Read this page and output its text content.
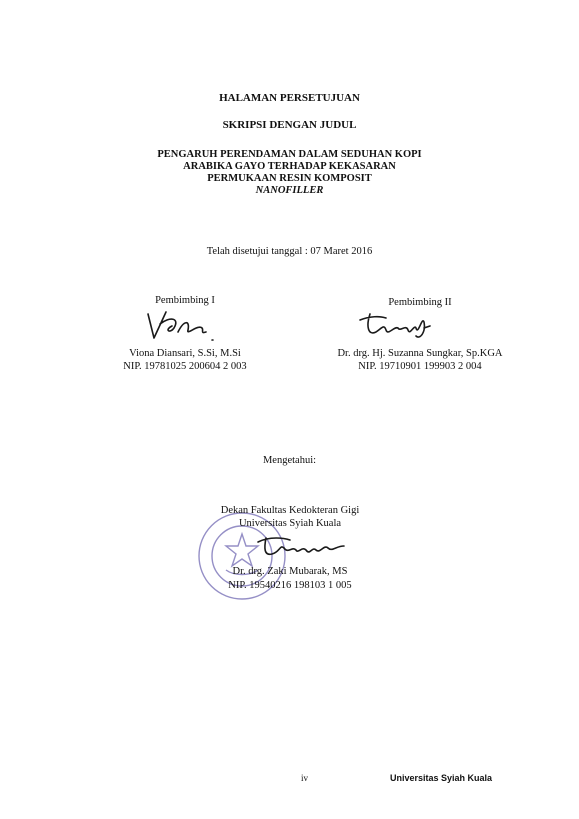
HALAMAN PERSETUJUAN
SKRIPSI DENGAN JUDUL
PENGARUH PERENDAMAN DALAM SEDUHAN KOPI
ARABIKA GAYO TERHADAP KEKASARAN
PERMUKAAN RESIN KOMPOSIT
NANOFILLER
Telah disetujui tanggal : 07 Maret 2016
Pembimbing I
Viona Diansari, S.Si, M.Si
NIP. 19781025 200604 2 003
Pembimbing II
Dr. drg. Hj. Suzanna Sungkar, Sp.KGA
NIP. 19710901 199903 2 004
Mengetahui:
Dekan Fakultas Kedokteran Gigi
Universitas Syiah Kuala
Dr. drg. Zaki Mubarak, MS
NIP. 19540216 198103 1 005
iv	Universitas Syiah Kuala
